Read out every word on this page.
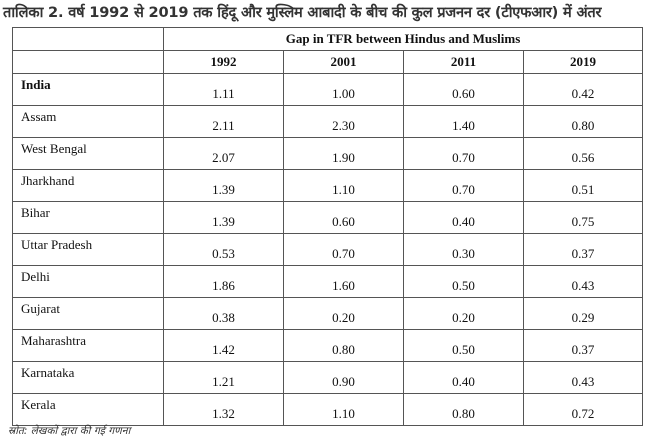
तालिका 2. वर्ष 1992 से 2019 तक हिंदू और मुस्लिम आबादी के बीच की कुल प्रजनन दर (टीएफआर) में अंतर
	Gap in TFR between Hindus and Muslims			
	1992	2001	2011	2019
India	1.11	1.00	0.60	0.42
Assam	2.11	2.30	1.40	0.80
West Bengal	2.07	1.90	0.70	0.56
Jharkhand	1.39	1.10	0.70	0.51
Bihar	1.39	0.60	0.40	0.75
Uttar Pradesh	0.53	0.70	0.30	0.37
Delhi	1.86	1.60	0.50	0.43
Gujarat	0.38	0.20	0.20	0.29
Maharashtra	1.42	0.80	0.50	0.37
Karnataka	1.21	0.90	0.40	0.43
Kerala	1.32	1.10	0.80	0.72
स्रोत: लेखकों द्वारा की गई गणना
